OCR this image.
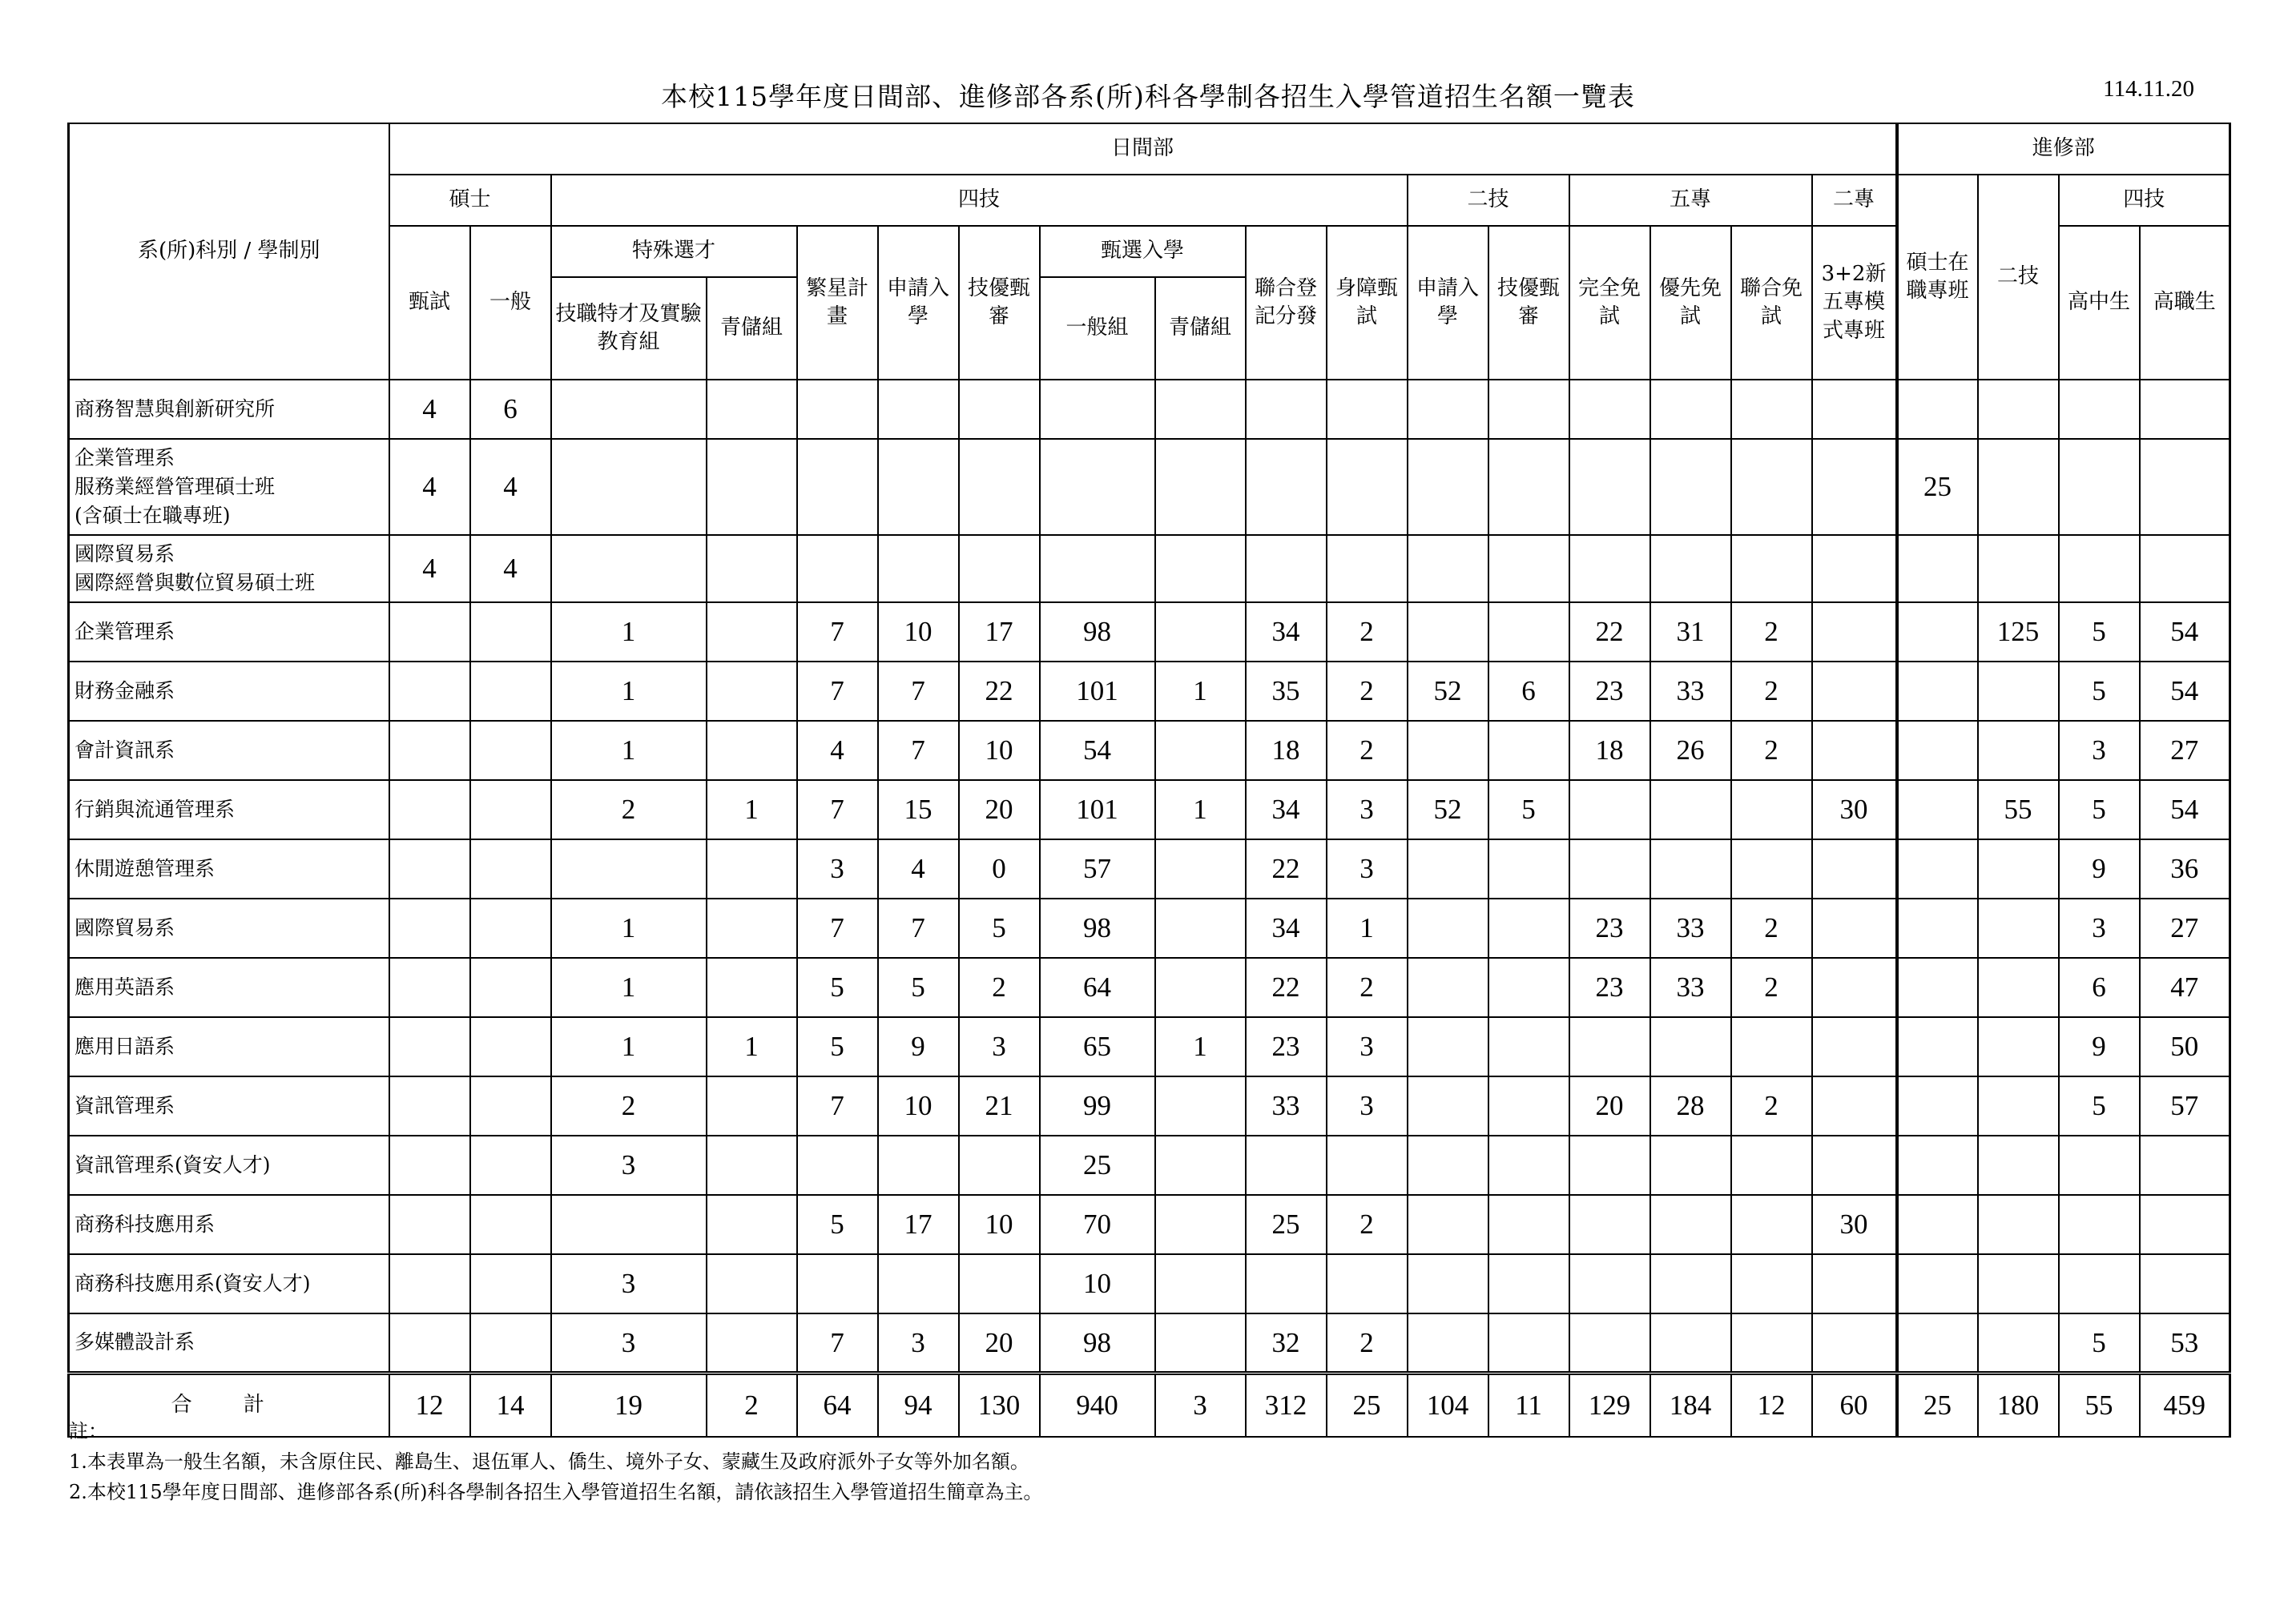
本校115學年度日間部、進修部各系(所)科各學制各招生入學管道招生名額一覽表	114.11.20
系(所)科別 / 學制別	日間部																	進修部			
	碩士		四技									二技		五專			二專	碩士在職專班	二技	四技	
	甄試	一般	特殊選才		繁星計畫	申請入學	技優甄審	甄選入學		聯合登記分發	身障甄試	申請入學	技優甄審	完全免試	優先免試	聯合免試	3+2新五專模式專班			高中生	高職生
			技職特才及實驗教育組	青儲組				一般組	青儲組												

商務智慧與創新研究所	4	6																			

企業管理系
服務業經營管理碩士班
(含碩士在職專班)	4	4																25			

國際貿易系
國際經營與數位貿易碩士班	4	4																			

企業管理系			1		7	10	17	98		34	2			22	31	2			125	5	54

財務金融系			1		7	7	22	101	1	35	2	52	6	23	33	2				5	54

會計資訊系			1		4	7	10	54		18	2			18	26	2				3	27

行銷與流通管理系			2	1	7	15	20	101	1	34	3	52	5				30		55	5	54

休閒遊憩管理系					3	4	0	57		22	3									9	36

國際貿易系			1		7	7	5	98		34	1			23	33	2				3	27

應用英語系			1		5	5	2	64		22	2			23	33	2				6	47

應用日語系			1	1	5	9	3	65	1	23	3									9	50

資訊管理系			2		7	10	21	99		33	3			20	28	2				5	57

資訊管理系(資安人才)			3					25													

商務科技應用系					5	17	10	70		25	2						30				

商務科技應用系(資安人才)			3					10													

多媒體設計系			3		7	3	20	98		32	2									5	53
合 計	12	14	19	2	64	94	130	940	3	312	25	104	11	129	184	12	60	25	180	55	459
註：
1.本表單為一般生名額，未含原住民、離島生、退伍軍人、僑生、境外子女、蒙藏生及政府派外子女等外加名額。
2.本校115學年度日間部、進修部各系(所)科各學制各招生入學管道招生名額，請依該招生入學管道招生簡章為主。
